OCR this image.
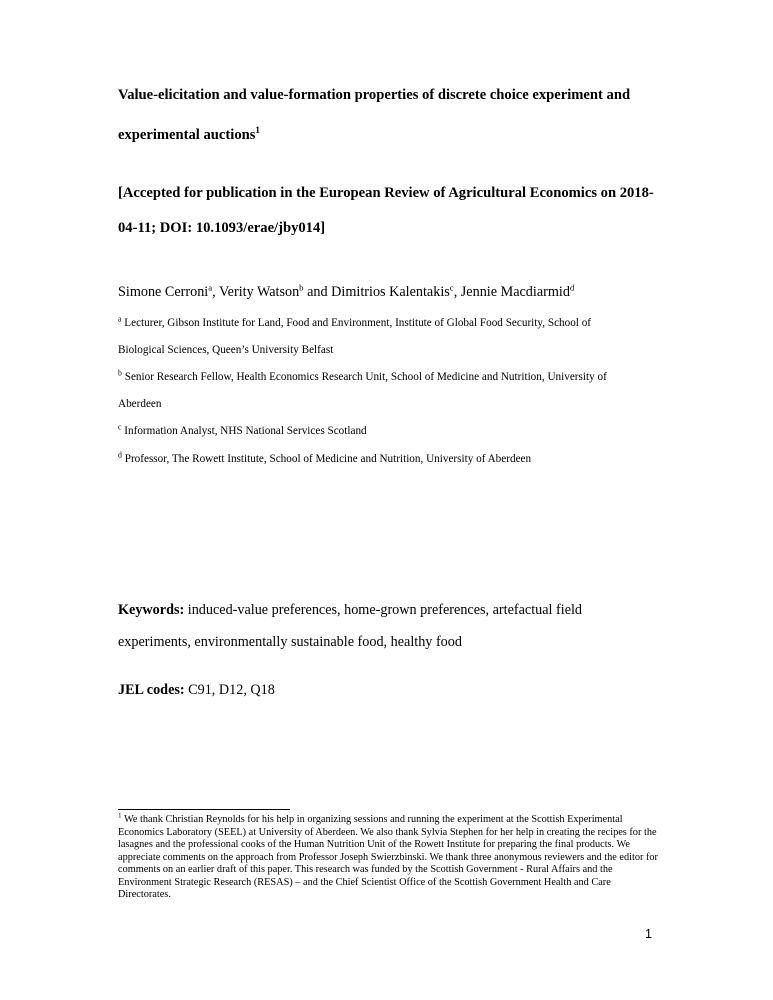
Value-elicitation and value-formation properties of discrete choice experiment and
experimental auctions$^1$
[Accepted for publication in the European Review of Agricultural Economics on 2018-
04-11; DOI: 10.1093/erae/jby014]
Simone Cerroni$^a$, Verity Watson$^b$ and Dimitrios Kalentakis$^c$, Jennie Macdiarmid$^d$
$^a$ Lecturer, Gibson Institute for Land, Food and Environment, Institute of Global Food Security, School of
Biological Sciences, Queen’s University Belfast
$^b$ Senior Research Fellow, Health Economics Research Unit, School of Medicine and Nutrition, University of
Aberdeen
$^c$ Information Analyst, NHS National Services Scotland
$^d$ Professor, The Rowett Institute, School of Medicine and Nutrition, University of Aberdeen
Keywords: induced-value preferences, home-grown preferences, artefactual field
experiments, environmentally sustainable food, healthy food
JEL codes: C91, D12, Q18
$^1$ We thank Christian Reynolds for his help in organizing sessions and running the experiment at the Scottish Experimental Economics Laboratory (SEEL) at University of Aberdeen. We also thank Sylvia Stephen for her help in creating the recipes for the lasagnes and the professional cooks of the Human Nutrition Unit of the Rowett Institute for preparing the final products. We appreciate comments on the approach from Professor Joseph Swierzbinski. We thank three anonymous reviewers and the editor for comments on an earlier draft of this paper. This research was funded by the Scottish Government - Rural Affairs and the Environment Strategic Research (RESAS) – and the Chief Scientist Office of the Scottish Government Health and Care Directorates.
1
